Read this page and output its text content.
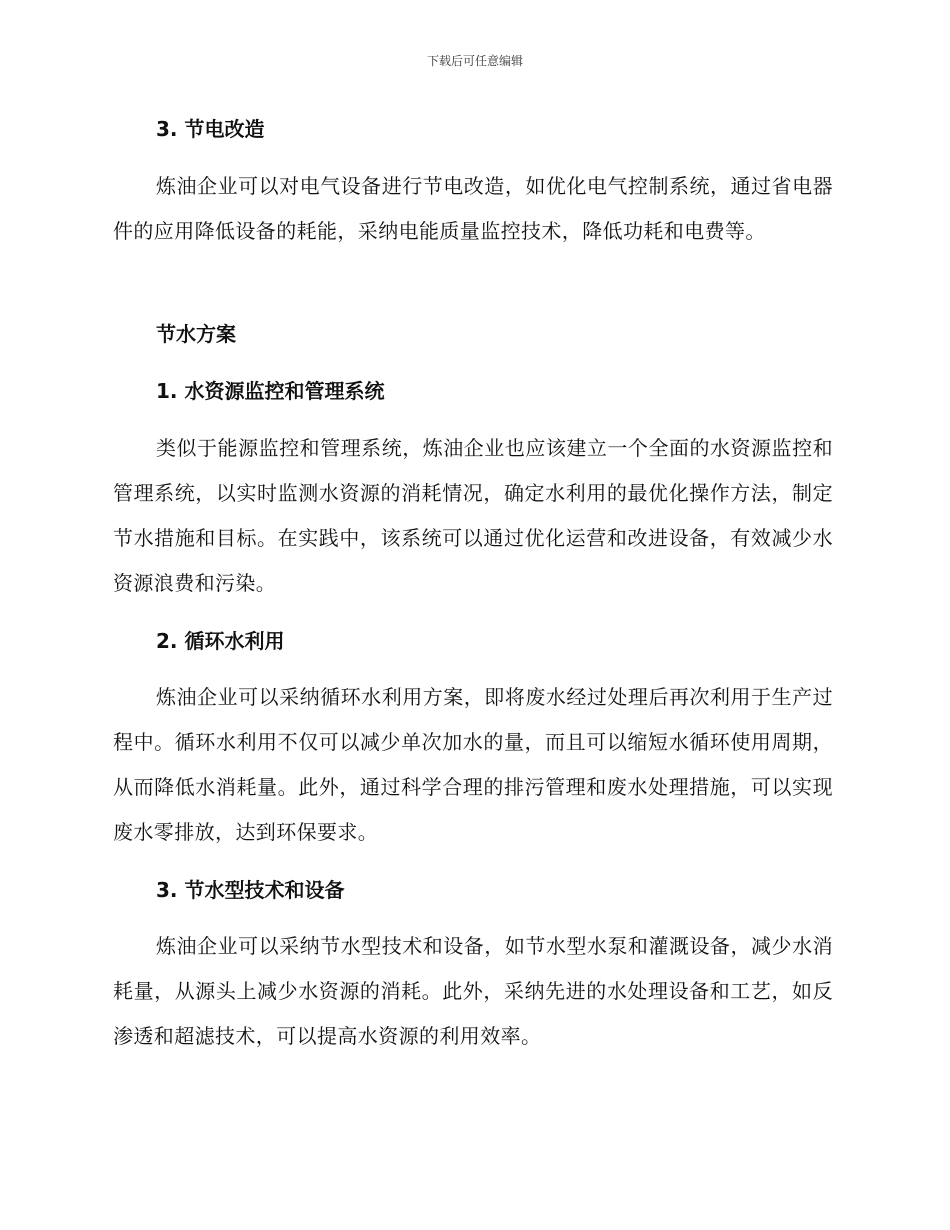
下载后可任意编辑
3. 节电改造
炼油企业可以对电气设备进行节电改造，如优化电气控制系统，通过省电器件的应用降低设备的耗能，采纳电能质量监控技术，降低功耗和电费等。
节水方案
1. 水资源监控和管理系统
类似于能源监控和管理系统，炼油企业也应该建立一个全面的水资源监控和管理系统，以实时监测水资源的消耗情况，确定水利用的最优化操作方法，制定节水措施和目标。在实践中，该系统可以通过优化运营和改进设备，有效减少水资源浪费和污染。
2. 循环水利用
炼油企业可以采纳循环水利用方案，即将废水经过处理后再次利用于生产过程中。循环水利用不仅可以减少单次加水的量，而且可以缩短水循环使用周期，从而降低水消耗量。此外，通过科学合理的排污管理和废水处理措施，可以实现废水零排放，达到环保要求。
3. 节水型技术和设备
炼油企业可以采纳节水型技术和设备，如节水型水泵和灌溉设备，减少水消耗量，从源头上减少水资源的消耗。此外，采纳先进的水处理设备和工艺，如反渗透和超滤技术，可以提高水资源的利用效率。
